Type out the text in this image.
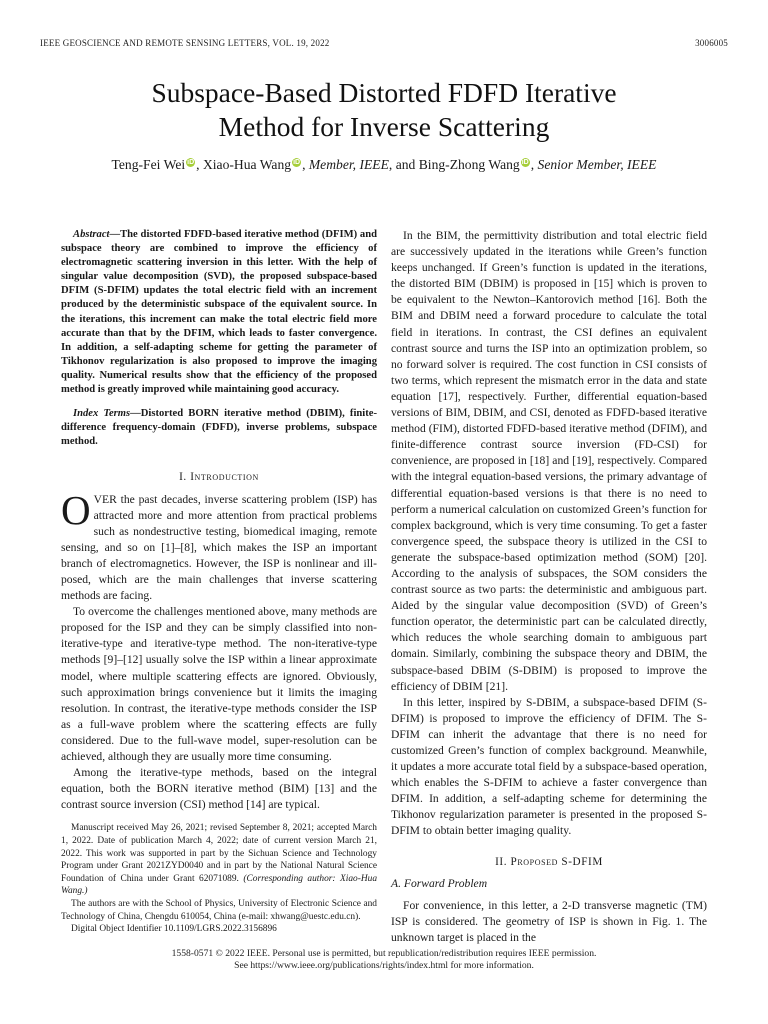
IEEE GEOSCIENCE AND REMOTE SENSING LETTERS, VOL. 19, 2022	3006005
Subspace-Based Distorted FDFD Iterative
Method for Inverse Scattering
Teng-Fei Wei iD , Xiao-Hua Wang iD , Member, IEEE, and Bing-Zhong Wang iD , Senior Member, IEEE
Abstract—The distorted FDFD-based iterative method (DFIM) and subspace theory are combined to improve the efficiency of electromagnetic scattering inversion in this letter. With the help of singular value decomposition (SVD), the proposed subspace-based DFIM (S-DFIM) updates the total electric field with an increment produced by the deterministic subspace of the equivalent source. In the iterations, this increment can make the total electric field more accurate than that by the DFIM, which leads to faster convergence. In addition, a self-adapting scheme for getting the parameter of Tikhonov regularization is also proposed to improve the imaging quality. Numerical results show that the efficiency of the proposed method is greatly improved while maintaining good accuracy.
Index Terms—Distorted BORN iterative method (DBIM), finite-difference frequency-domain (FDFD), inverse problems, subspace method.
I. Introduction

OVER the past decades, inverse scattering problem (ISP) has attracted more and more attention from practical problems such as nondestructive testing, biomedical imaging, remote sensing, and so on [1]–[8], which makes the ISP an important branch of electromagnetics. However, the ISP is nonlinear and ill-posed, which are the main challenges that inverse scattering methods are facing.

To overcome the challenges mentioned above, many methods are proposed for the ISP and they can be simply classified into non-iterative-type and iterative-type method. The non-iterative-type methods [9]–[12] usually solve the ISP within a linear approximate model, where multiple scattering effects are ignored. Obviously, such approximation brings convenience but it limits the imaging resolution. In contrast, the iterative-type methods consider the ISP as a full-wave problem where the scattering effects are fully considered. Due to the full-wave model, super-resolution can be achieved, although they are usually more time consuming.

Among the iterative-type methods, based on the integral equation, both the BORN iterative method (BIM) [13] and the contrast source inversion (CSI) method [14] are typical.

Manuscript received May 26, 2021; revised September 8, 2021; accepted March 1, 2022. Date of publication March 4, 2022; date of current version March 21, 2022. This work was supported in part by the Sichuan Science and Technology Program under Grant 2021ZYD0040 and in part by the National Natural Science Foundation of China under Grant 62071089. (Corresponding author: Xiao-Hua Wang.)

The authors are with the School of Physics, University of Electronic Science and Technology of China, Chengdu 610054, China (e-mail: xhwang@uestc.edu.cn).

Digital Object Identifier 10.1109/LGRS.2022.3156896

In the BIM, the permittivity distribution and total electric field are successively updated in the iterations while Green’s function keeps unchanged. If Green’s function is updated in the iterations, the distorted BIM (DBIM) is proposed in [15] which is proven to be equivalent to the Newton–Kantorovich method [16]. Both the BIM and DBIM need a forward procedure to calculate the total field in iterations. In contrast, the CSI defines an equivalent contrast source and turns the ISP into an optimization problem, so no forward solver is required. The cost function in CSI consists of two terms, which represent the mismatch error in the data and state equation [17], respectively. Further, differential equation-based versions of BIM, DBIM, and CSI, denoted as FDFD-based iterative method (FIM), distorted FDFD-based iterative method (DFIM), and finite-difference contrast source inversion (FD-CSI) for convenience, are proposed in [18] and [19], respectively. Compared with the integral equation-based versions, the primary advantage of differential equation-based versions is that there is no need to perform a numerical calculation on customized Green’s function for complex background, which is very time consuming. To get a faster convergence speed, the subspace theory is utilized in the CSI to generate the subspace-based optimization method (SOM) [20]. According to the analysis of subspaces, the SOM considers the contrast source as two parts: the deterministic and ambiguous part. Aided by the singular value decomposition (SVD) of Green’s function operator, the deterministic part can be calculated directly, which reduces the whole searching domain to ambiguous part domain. Similarly, combining the subspace theory and DBIM, the subspace-based DBIM (S-DBIM) is proposed to improve the efficiency of DBIM [21].

In this letter, inspired by S-DBIM, a subspace-based DFIM (S-DFIM) is proposed to improve the efficiency of DFIM. The S-DFIM can inherit the advantage that there is no need for customized Green’s function of complex background. Meanwhile, it updates a more accurate total field by a subspace-based operation, which enables the S-DFIM to achieve a faster convergence than DFIM. In addition, a self-adapting scheme for determining the Tikhonov regularization parameter is presented in the proposed S-DFIM to obtain better imaging quality.

II. Proposed S-DFIM
A. Forward Problem

For convenience, in this letter, a 2-D transverse magnetic (TM) ISP is considered. The geometry of ISP is shown in Fig. 1. The unknown target is placed in the

1558-0571 © 2022 IEEE. Personal use is permitted, but republication/redistribution requires IEEE permission.
See https://www.ieee.org/publications/rights/index.html for more information.
